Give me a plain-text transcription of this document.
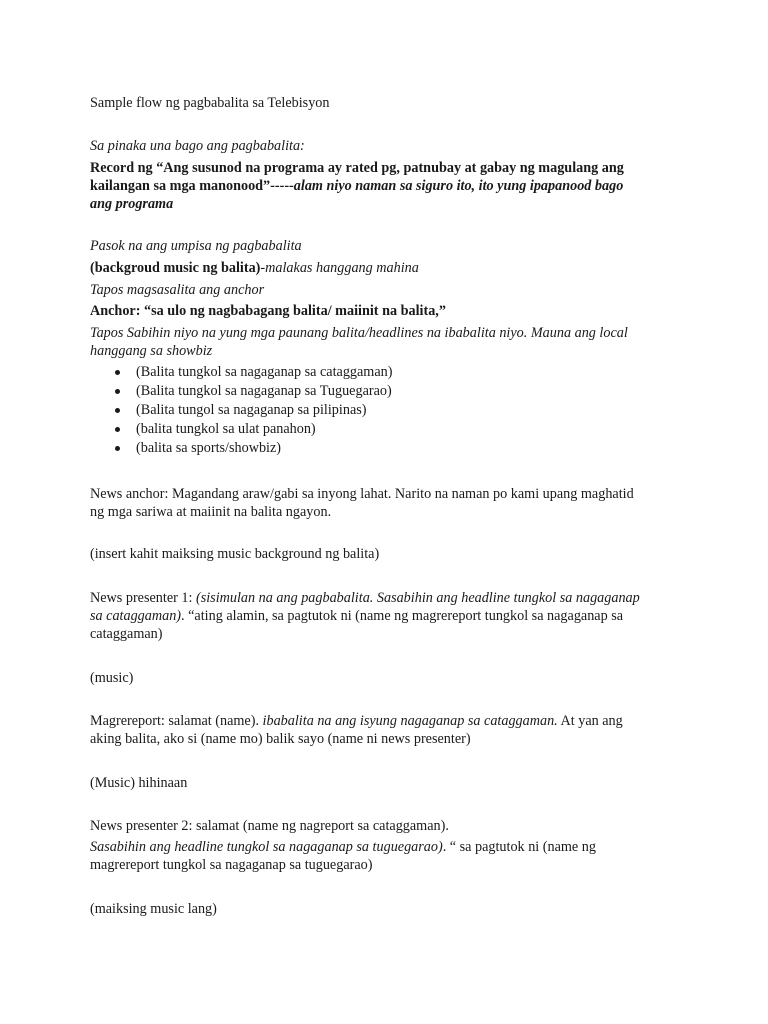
Sample flow ng pagbabalita sa Telebisyon
Sa pinaka una bago ang pagbabalita:
Record ng “Ang susunod na programa ay rated pg, patnubay at gabay ng magulang ang
kailangan sa mga manonood”-----alam niyo naman sa siguro ito, ito yung ipapanood bago
ang programa
Pasok na ang umpisa ng pagbabalita
(backgroud music ng balita)-malakas hanggang mahina
Tapos magsasalita ang anchor
Anchor: “sa ulo ng nagbabagang balita/ maiinit na balita,”
Tapos Sabihin niyo na yung mga paunang balita/headlines na ibabalita niyo. Mauna ang local
hanggang sa showbiz
(Balita tungkol sa nagaganap sa cataggaman)
(Balita tungkol sa nagaganap sa Tuguegarao)
(Balita tungol sa nagaganap sa pilipinas)
(balita tungkol sa ulat panahon)
(balita sa sports/showbiz)
News anchor: Magandang araw/gabi sa inyong lahat. Narito na naman po kami upang maghatid
ng mga sariwa at maiinit na balita ngayon.
(insert kahit maiksing music background ng balita)
News presenter 1: (sisimulan na ang pagbabalita. Sasabihin ang headline tungkol sa nagaganap
sa cataggaman). “ating alamin, sa pagtutok ni (name ng magrereport tungkol sa nagaganap sa
cataggaman)
(music)
Magrereport: salamat (name). ibabalita na ang isyung nagaganap sa cataggaman. At yan ang
aking balita, ako si (name mo) balik sayo (name ni news presenter)
(Music) hihinaan
News presenter 2: salamat (name ng nagreport sa cataggaman).
Sasabihin ang headline tungkol sa nagaganap sa tuguegarao). “ sa pagtutok ni (name ng
magrereport tungkol sa nagaganap sa tuguegarao)
(maiksing music lang)
